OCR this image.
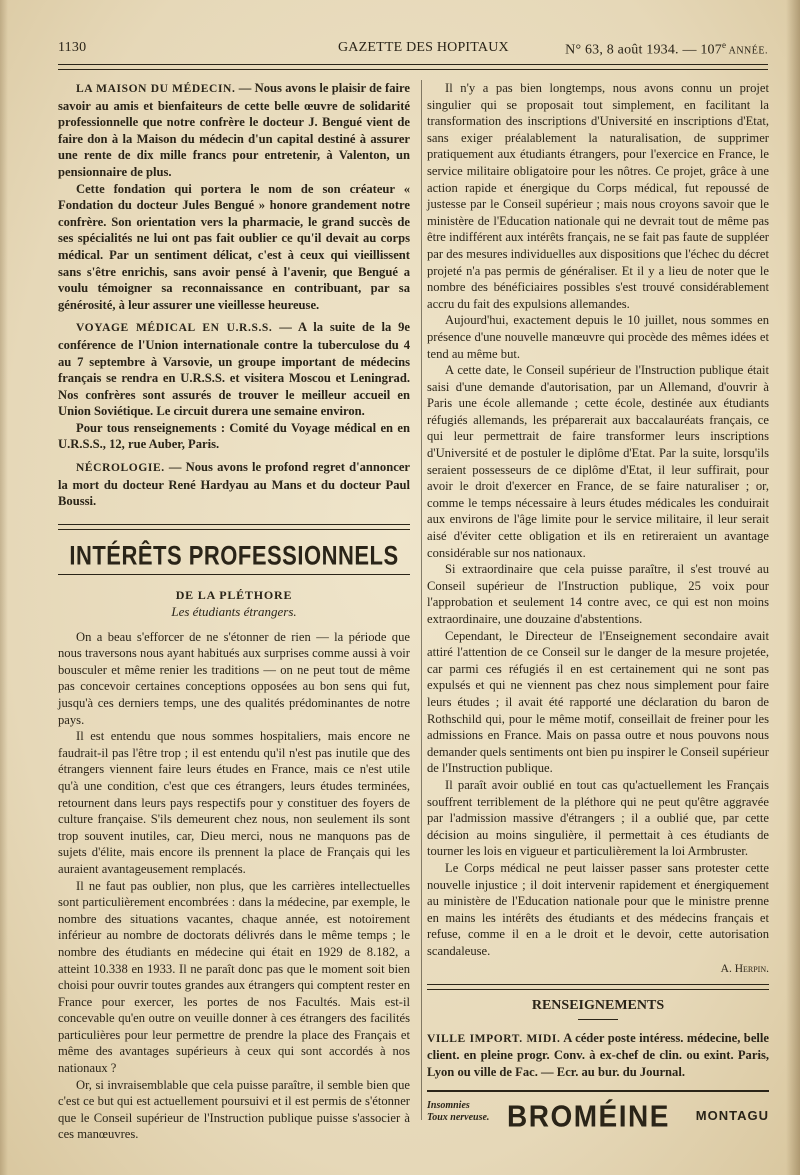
1130	GAZETTE DES HOPITAUX	N° 63, 8 août 1934. — 107e ANNÉE.

LA MAISON DU MÉDECIN. — Nous avons le plaisir de faire savoir au amis et bienfaiteurs de cette belle œuvre de solidarité professionnelle que notre confrère le docteur J. Bengué vient de faire don à la Maison du médecin d'un capital destiné à assurer une rente de dix mille francs pour entretenir, à Valenton, un pensionnaire de plus.

Cette fondation qui portera le nom de son créateur « Fondation du docteur Jules Bengué » honore grandement notre confrère. Son orientation vers la pharmacie, le grand succès de ses spécialités ne lui ont pas fait oublier ce qu'il devait au corps médical. Par un sentiment délicat, c'est à ceux qui vieillissent sans s'être enrichis, sans avoir pensé à l'avenir, que Bengué a voulu témoigner sa reconnaissance en contribuant, par sa générosité, à leur assurer une vieillesse heureuse.

VOYAGE MÉDICAL EN U.R.S.S. — A la suite de la 9e conférence de l'Union internationale contre la tuberculose du 4 au 7 septembre à Varsovie, un groupe important de médecins français se rendra en U.R.S.S. et visitera Moscou et Leningrad. Nos confrères sont assurés de trouver le meilleur accueil en Union Soviétique. Le circuit durera une semaine environ.

Pour tous renseignements : Comité du Voyage médical en en U.R.S.S., 12, rue Auber, Paris.

NÉCROLOGIE. — Nous avons le profond regret d'annoncer la mort du docteur René Hardyau au Mans et du docteur Paul Boussi.

INTÉRÊTS PROFESSIONNELS
DE LA PLÉTHORE
Les étudiants étrangers.

On a beau s'efforcer de ne s'étonner de rien — la période que nous traversons nous ayant habitués aux surprises comme aussi à voir bousculer et même renier les traditions — on ne peut tout de même pas concevoir certaines conceptions opposées au bon sens qui fut, jusqu'à ces derniers temps, une des qualités prédominantes de notre pays.

Il est entendu que nous sommes hospitaliers, mais encore ne faudrait-il pas l'être trop ; il est entendu qu'il n'est pas inutile que des étrangers viennent faire leurs études en France, mais ce n'est utile qu'à une condition, c'est que ces étrangers, leurs études terminées, retournent dans leurs pays respectifs pour y constituer des foyers de culture française. S'ils demeurent chez nous, non seulement ils sont trop souvent inutiles, car, Dieu merci, nous ne manquons pas de sujets d'élite, mais encore ils prennent la place de Français qui les auraient avantageusement remplacés.

Il ne faut pas oublier, non plus, que les carrières intellectuelles sont particulièrement encombrées : dans la médecine, par exemple, le nombre des situations vacantes, chaque année, est notoirement inférieur au nombre de doctorats délivrés dans le même temps ; le nombre des étudiants en médecine qui était en 1929 de 8.182, a atteint 10.338 en 1933. Il ne paraît donc pas que le moment soit bien choisi pour ouvrir toutes grandes aux étrangers qui comptent rester en France pour exercer, les portes de nos Facultés. Mais est-il concevable qu'en outre on veuille donner à ces étrangers des facilités particulières pour leur permettre de prendre la place des Français et même des avantages supérieurs à ceux qui sont accordés à nos nationaux ?

Or, si invraisemblable que cela puisse paraître, il semble bien que c'est ce but qui est actuellement poursuivi et il est permis de s'étonner que le Conseil supérieur de l'Instruction publique puisse s'associer à ces manœuvres.

Il n'y a pas bien longtemps, nous avons connu un projet singulier qui se proposait tout simplement, en facilitant la transformation des inscriptions d'Université en inscriptions d'Etat, sans exiger préalablement la naturalisation, de supprimer pratiquement aux étudiants étrangers, pour l'exercice en France, le service militaire obligatoire pour les nôtres. Ce projet, grâce à une action rapide et énergique du Corps médical, fut repoussé de justesse par le Conseil supérieur ; mais nous croyons savoir que le ministère de l'Education nationale qui ne devrait tout de même pas être indifférent aux intérêts français, ne se fait pas faute de suppléer par des mesures individuelles aux dispositions que l'échec du décret projeté n'a pas permis de généraliser. Et il y a lieu de noter que le nombre des bénéficiaires possibles s'est trouvé considérablement accru du fait des expulsions allemandes.

Aujourd'hui, exactement depuis le 10 juillet, nous sommes en présence d'une nouvelle manœuvre qui procède des mêmes idées et tend au même but.

A cette date, le Conseil supérieur de l'Instruction publique était saisi d'une demande d'autorisation, par un Allemand, d'ouvrir à Paris une école allemande ; cette école, destinée aux étudiants réfugiés allemands, les préparerait aux baccalauréats français, ce qui leur permettrait de faire transformer leurs inscriptions d'Université et de postuler le diplôme d'Etat. Par la suite, lorsqu'ils seraient possesseurs de ce diplôme d'Etat, il leur suffirait, pour avoir le droit d'exercer en France, de se faire naturaliser ; or, comme le temps nécessaire à leurs études médicales les conduirait aux environs de l'âge limite pour le service militaire, il leur serait aisé d'éviter cette obligation et ils en retireraient un avantage considérable sur nos nationaux.

Si extraordinaire que cela puisse paraître, il s'est trouvé au Conseil supérieur de l'Instruction publique, 25 voix pour l'approbation et seulement 14 contre avec, ce qui est non moins extraordinaire, une douzaine d'abstentions.

Cependant, le Directeur de l'Enseignement secondaire avait attiré l'attention de ce Conseil sur le danger de la mesure projetée, car parmi ces réfugiés il en est certainement qui ne sont pas expulsés et qui ne viennent pas chez nous simplement pour faire leurs études ; il avait été rapporté une déclaration du baron de Rothschild qui, pour le même motif, conseillait de freiner pour les admissions en France. Mais on passa outre et nous pouvons nous demander quels sentiments ont bien pu inspirer le Conseil supérieur de l'Instruction publique.

Il paraît avoir oublié en tout cas qu'actuellement les Français souffrent terriblement de la pléthore qui ne peut qu'être aggravée par l'admission massive d'étrangers ; il a oublié que, par cette décision au moins singulière, il permettait à ces étudiants de tourner les lois en vigueur et particulièrement la loi Armbruster.

Le Corps médical ne peut laisser passer sans protester cette nouvelle injustice ; il doit intervenir rapidement et énergiquement au ministère de l'Education nationale pour que le ministre prenne en mains les intérêts des étudiants et des médecins français et refuse, comme il en a le droit et le devoir, cette autorisation scandaleuse.

A. Herpin.
RENSEIGNEMENTS

VILLE IMPORT. MIDI. A céder poste intéress. médecine, belle client. en pleine progr. Conv. à ex-chef de clin. ou exint. Paris, Lyon ou ville de Fac. — Ecr. au bur. du Journal.

Insomnies
Toux nerveuse. BROMÉINE MONTAGU
